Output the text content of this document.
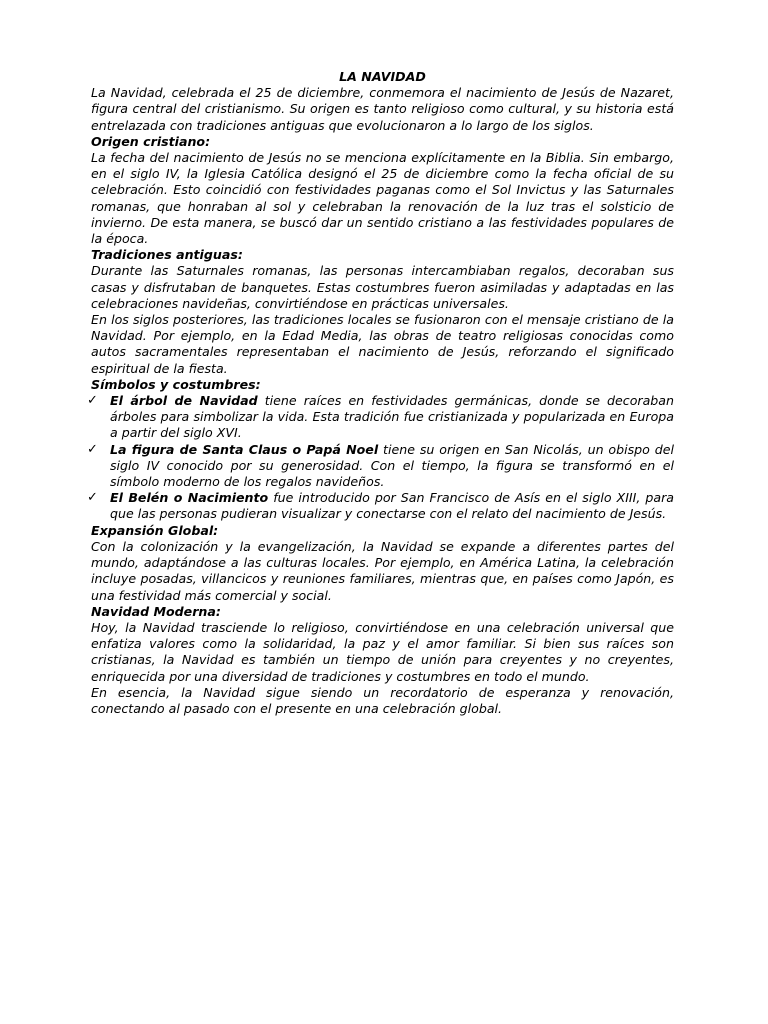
LA NAVIDAD

La Navidad, celebrada el 25 de diciembre, conmemora el nacimiento de Jesús de Nazaret, figura central del cristianismo. Su origen es tanto religioso como cultural, y su historia está entrelazada con tradiciones antiguas que evolucionaron a lo largo de los siglos.

Origen cristiano:

La fecha del nacimiento de Jesús no se menciona explícitamente en la Biblia. Sin embargo, en el siglo IV, la Iglesia Católica designó el 25 de diciembre como la fecha oficial de su celebración. Esto coincidió con festividades paganas como el Sol Invictus y las Saturnales romanas, que honraban al sol y celebraban la renovación de la luz tras el solsticio de invierno. De esta manera, se buscó dar un sentido cristiano a las festividades populares de la época.

Tradiciones antiguas:

Durante las Saturnales romanas, las personas intercambiaban regalos, decoraban sus casas y disfrutaban de banquetes. Estas costumbres fueron asimiladas y adaptadas en las celebraciones navideñas, convirtiéndose en prácticas universales.

En los siglos posteriores, las tradiciones locales se fusionaron con el mensaje cristiano de la Navidad. Por ejemplo, en la Edad Media, las obras de teatro religiosas conocidas como autos sacramentales representaban el nacimiento de Jesús, reforzando el significado espiritual de la fiesta.

Símbolos y costumbres:

✓ El árbol de Navidad tiene raíces en festividades germánicas, donde se decoraban árboles para simbolizar la vida. Esta tradición fue cristianizada y popularizada en Europa a partir del siglo XVI.
✓ La figura de Santa Claus o Papá Noel tiene su origen en San Nicolás, un obispo del siglo IV conocido por su generosidad. Con el tiempo, la figura se transformó en el símbolo moderno de los regalos navideños.
✓ El Belén o Nacimiento fue introducido por San Francisco de Asís en el siglo XIII, para que las personas pudieran visualizar y conectarse con el relato del nacimiento de Jesús.

Expansión Global:

Con la colonización y la evangelización, la Navidad se expande a diferentes partes del mundo, adaptándose a las culturas locales. Por ejemplo, en América Latina, la celebración incluye posadas, villancicos y reuniones familiares, mientras que, en países como Japón, es una festividad más comercial y social.

Navidad Moderna:

Hoy, la Navidad trasciende lo religioso, convirtiéndose en una celebración universal que enfatiza valores como la solidaridad, la paz y el amor familiar. Si bien sus raíces son cristianas, la Navidad es también un tiempo de unión para creyentes y no creyentes, enriquecida por una diversidad de tradiciones y costumbres en todo el mundo.

En esencia, la Navidad sigue siendo un recordatorio de esperanza y renovación, conectando al pasado con el presente en una celebración global.
